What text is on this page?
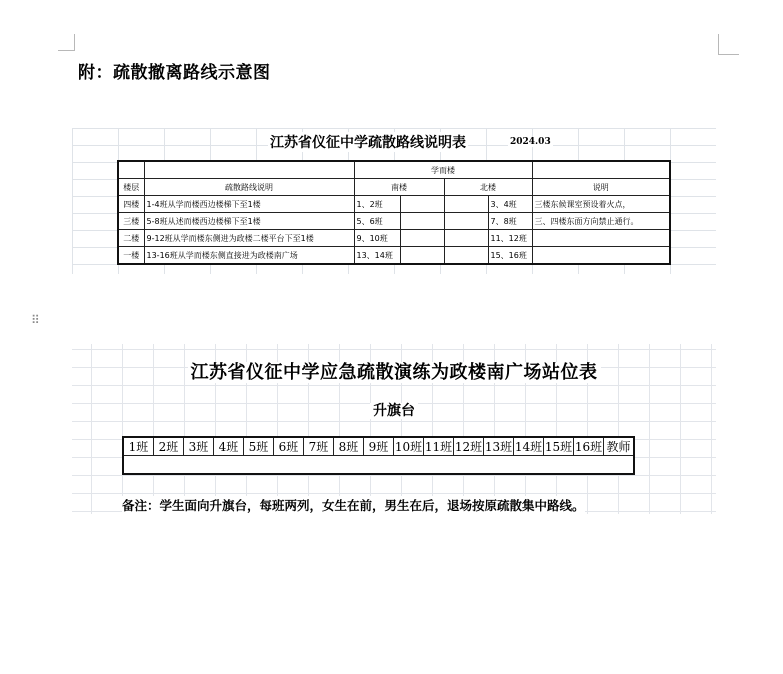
附：疏散撤离路线示意图
⠿
江苏省仪征中学疏散路线说明表	2024.03
		学而楼				
楼层	疏散路线说明	南楼		北楼		说明
四楼	1-4班从学而楼西边楼梯下至1楼	1、2班			3、4班	三楼东候课室预设着火点，
三楼	5-8班从述而楼西边楼梯下至1楼	5、6班			7、8班	三、四楼东面方向禁止通行。
二楼	9-12班从学而楼东侧进为政楼二楼平台下至1楼	9、10班			11、12班	
一楼	13-16班从学而楼东侧直接进为政楼南广场	13、14班			15、16班	
江苏省仪征中学应急疏散演练为政楼南广场站位表
升旗台
1班	2班	3班	4班	5班	6班	7班	8班	9班	10班	11班	12班	13班	14班	15班	16班	教师

备注：学生面向升旗台，每班两列，女生在前，男生在后，退场按原疏散集中路线。
